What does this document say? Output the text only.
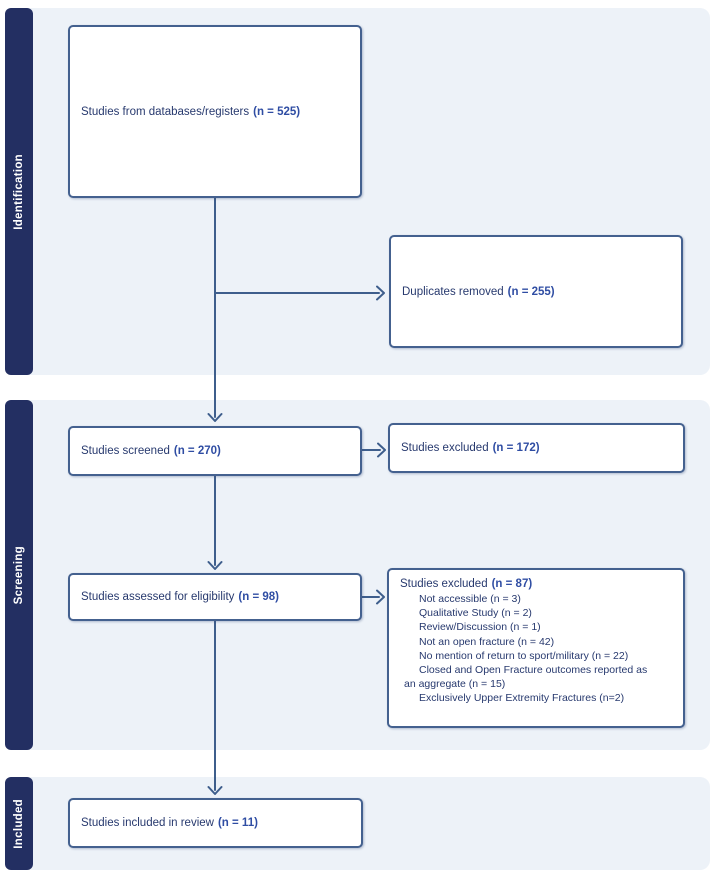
Identification
Screening
Included
Studies from databases/registers (n = 525)
Duplicates removed (n = 255)
Studies screened (n = 270)	Studies excluded (n = 172)
Studies assessed for eligibility (n = 98)
Studies excluded (n = 87)
Not accessible (n = 3)
Qualitative Study (n = 2)
Review/Discussion (n = 1)
Not an open fracture (n = 42)
No mention of return to sport/military (n = 22)
Closed and Open Fracture outcomes reported as
an aggregate (n = 15)
Exclusively Upper Extremity Fractures (n=2)
Studies included in review (n = 11)
